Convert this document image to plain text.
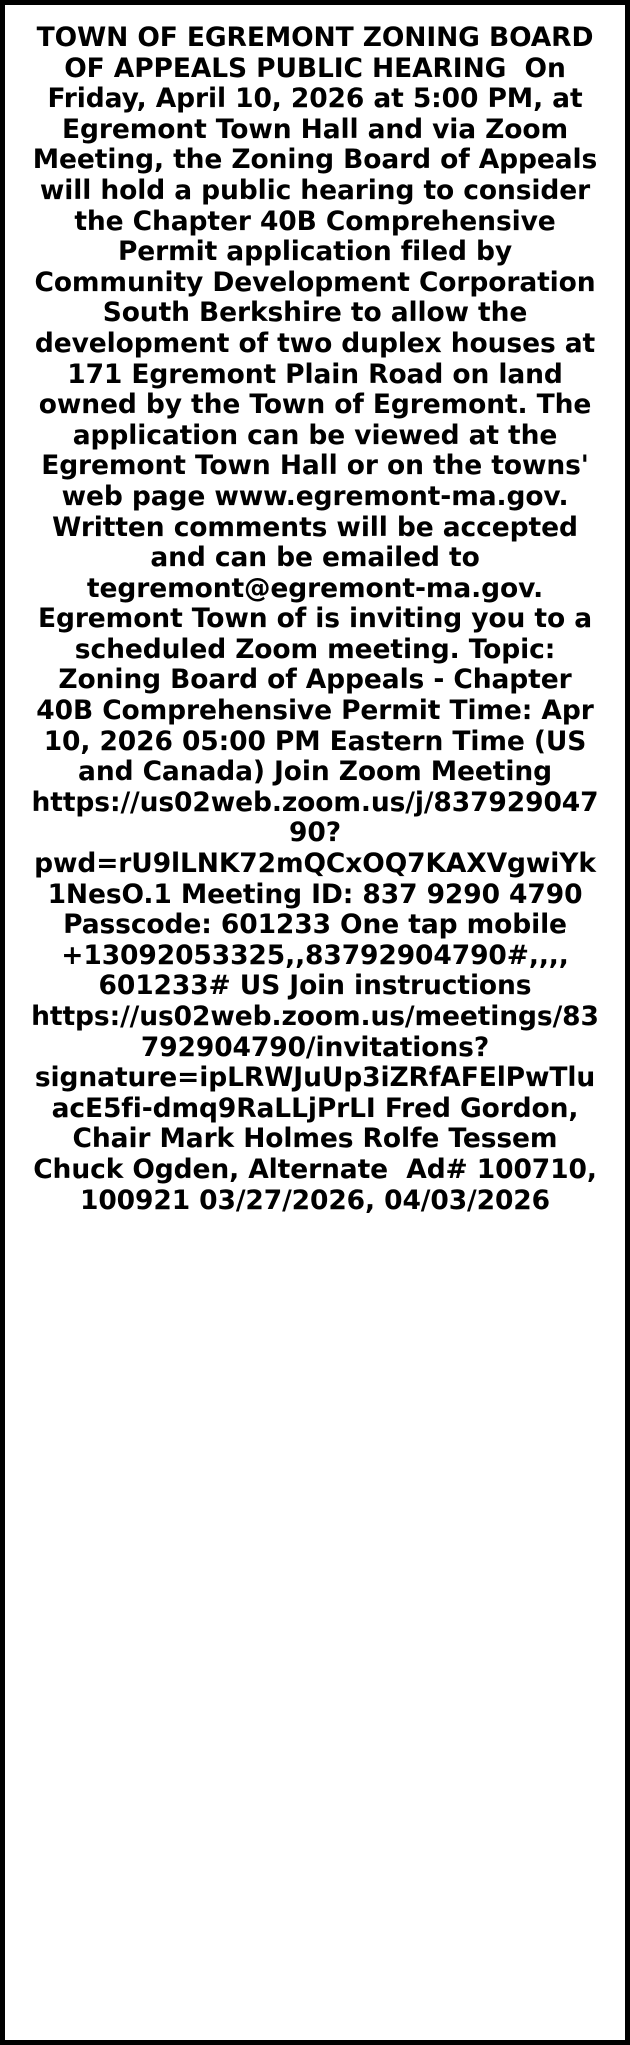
TOWN OF EGREMONT ZONING BOARD OF APPEALS PUBLIC HEARING  On Friday, April 10, 2026 at 5:00 PM, at Egremont Town Hall and via Zoom Meeting, the Zoning Board of Appeals will hold a public hearing to consider the Chapter 40B Comprehensive Permit application filed by Community Development Corporation South Berkshire to allow the development of two duplex houses at 171 Egremont Plain Road on land owned by the Town of Egremont. The application can be viewed at the Egremont Town Hall or on the towns' web page www.egremont-ma.gov. Written comments will be accepted and can be emailed to tegremont@egremont-ma.gov. Egremont Town of is inviting you to a scheduled Zoom meeting. Topic: Zoning Board of Appeals - Chapter 40B Comprehensive Permit Time: Apr 10, 2026 05:00 PM Eastern Time (US and Canada) Join Zoom Meeting https://us02web.zoom.us/j/83792904790?pwd=rU9lLNK72mQCxOQ7KAXVgwiYk1NesO.1 Meeting ID: 837 9290 4790 Passcode: 601233 One tap mobile +13092053325,,83792904790#,,,, 601233# US Join instructions https://us02web.zoom.us/meetings/83792904790/invitations?signature=ipLRWJuUp3iZRfAFElPwTluacE5fi-dmq9RaLLjPrLI Fred Gordon, Chair Mark Holmes Rolfe Tessem Chuck Ogden, Alternate  Ad# 100710, 100921 03/27/2026, 04/03/2026
